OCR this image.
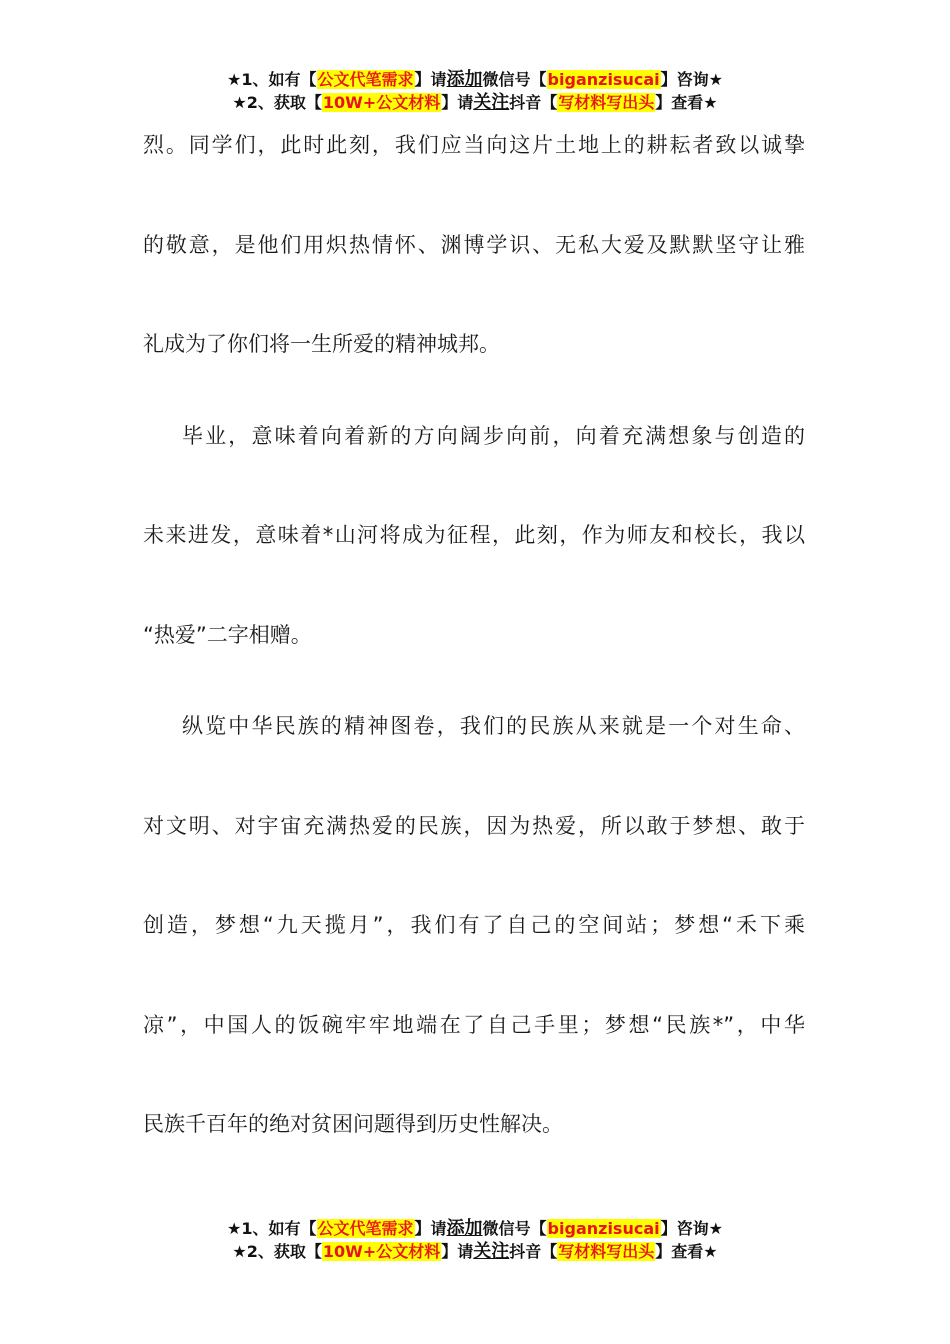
★1、如有【公文代笔需求】请添加微信号【biganzisucai】咨询★
★2、获取【10W+公文材料】请关注抖音【写材料写出头】查看★
烈。同学们，此时此刻，我们应当向这片土地上的耕耘者致以诚挚
的敬意，是他们用炽热情怀、渊博学识、无私大爱及默默坚守让雅
礼成为了你们将一生所爱的精神城邦。
毕业，意味着向着新的方向阔步向前，向着充满想象与创造的
未来进发，意味着*山河将成为征程，此刻，作为师友和校长，我以
“热爱”二字相赠。
纵览中华民族的精神图卷，我们的民族从来就是一个对生命、
对文明、对宇宙充满热爱的民族，因为热爱，所以敢于梦想、敢于
创造，梦想“九天揽月”，我们有了自己的空间站；梦想“禾下乘
凉”，中国人的饭碗牢牢地端在了自己手里；梦想“民族*”，中华
民族千百年的绝对贫困问题得到历史性解决。
★1、如有【公文代笔需求】请添加微信号【biganzisucai】咨询★
★2、获取【10W+公文材料】请关注抖音【写材料写出头】查看★
